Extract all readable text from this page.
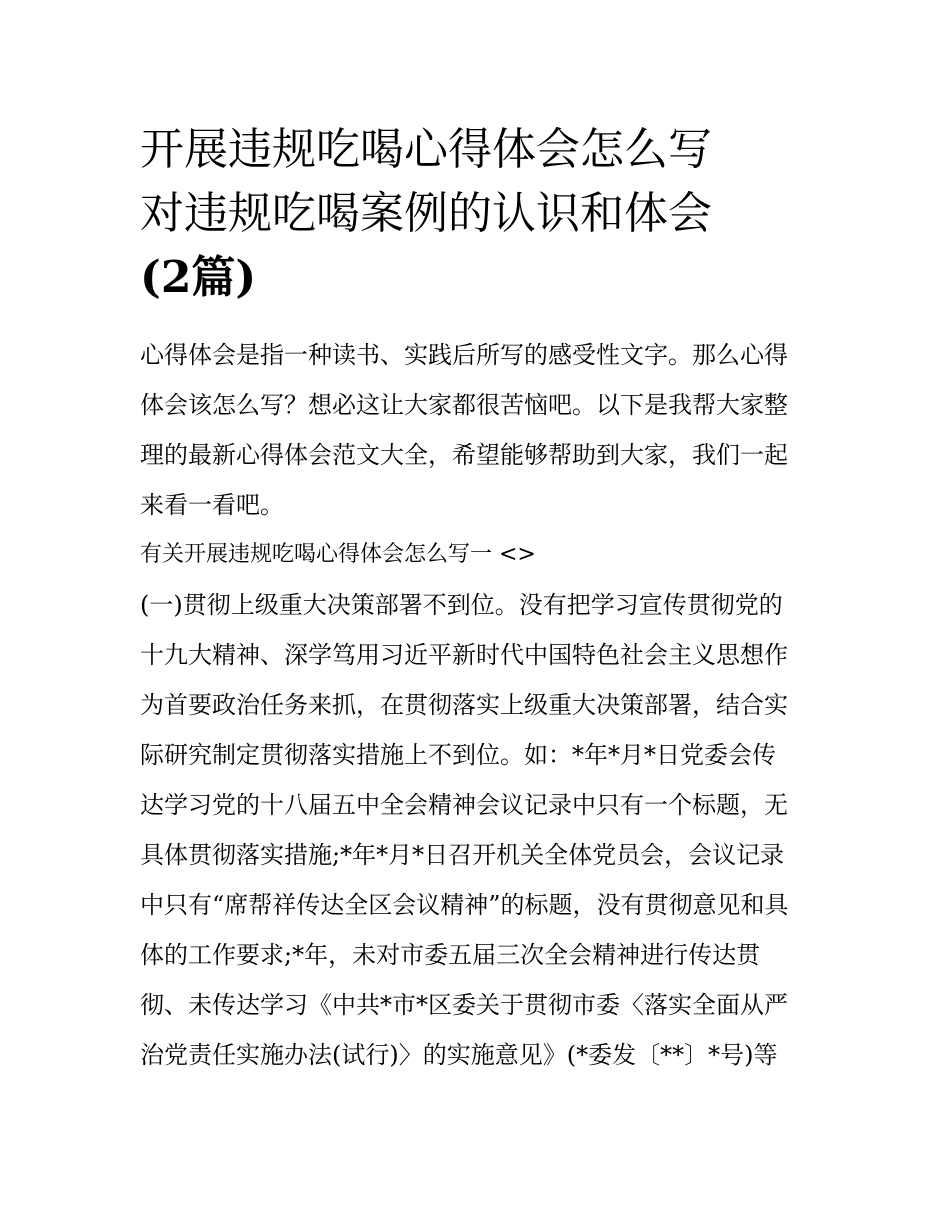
开展违规吃喝心得体会怎么写
对违规吃喝案例的认识和体会
(2篇)

心得体会是指一种读书、实践后所写的感受性文字。那么心得
体会该怎么写？想必这让大家都很苦恼吧。以下是我帮大家整
理的最新心得体会范文大全，希望能够帮助到大家，我们一起
来看一看吧。

有关开展违规吃喝心得体会怎么写一 <>

(一)贯彻上级重大决策部署不到位。没有把学习宣传贯彻党的
十九大精神、深学笃用习近平新时代中国特色社会主义思想作
为首要政治任务来抓，在贯彻落实上级重大决策部署，结合实
际研究制定贯彻落实措施上不到位。如：*年*月*日党委会传
达学习党的十八届五中全会精神会议记录中只有一个标题，无
具体贯彻落实措施;*年*月*日召开机关全体党员会，会议记录
中只有“席帮祥传达全区会议精神”的标题，没有贯彻意见和具
体的工作要求;*年，未对市委五届三次全会精神进行传达贯
彻、未传达学习《中共*市*区委关于贯彻市委〈落实全面从严
治党责任实施办法(试行)〉的实施意见》(*委发〔**〕*号)等
